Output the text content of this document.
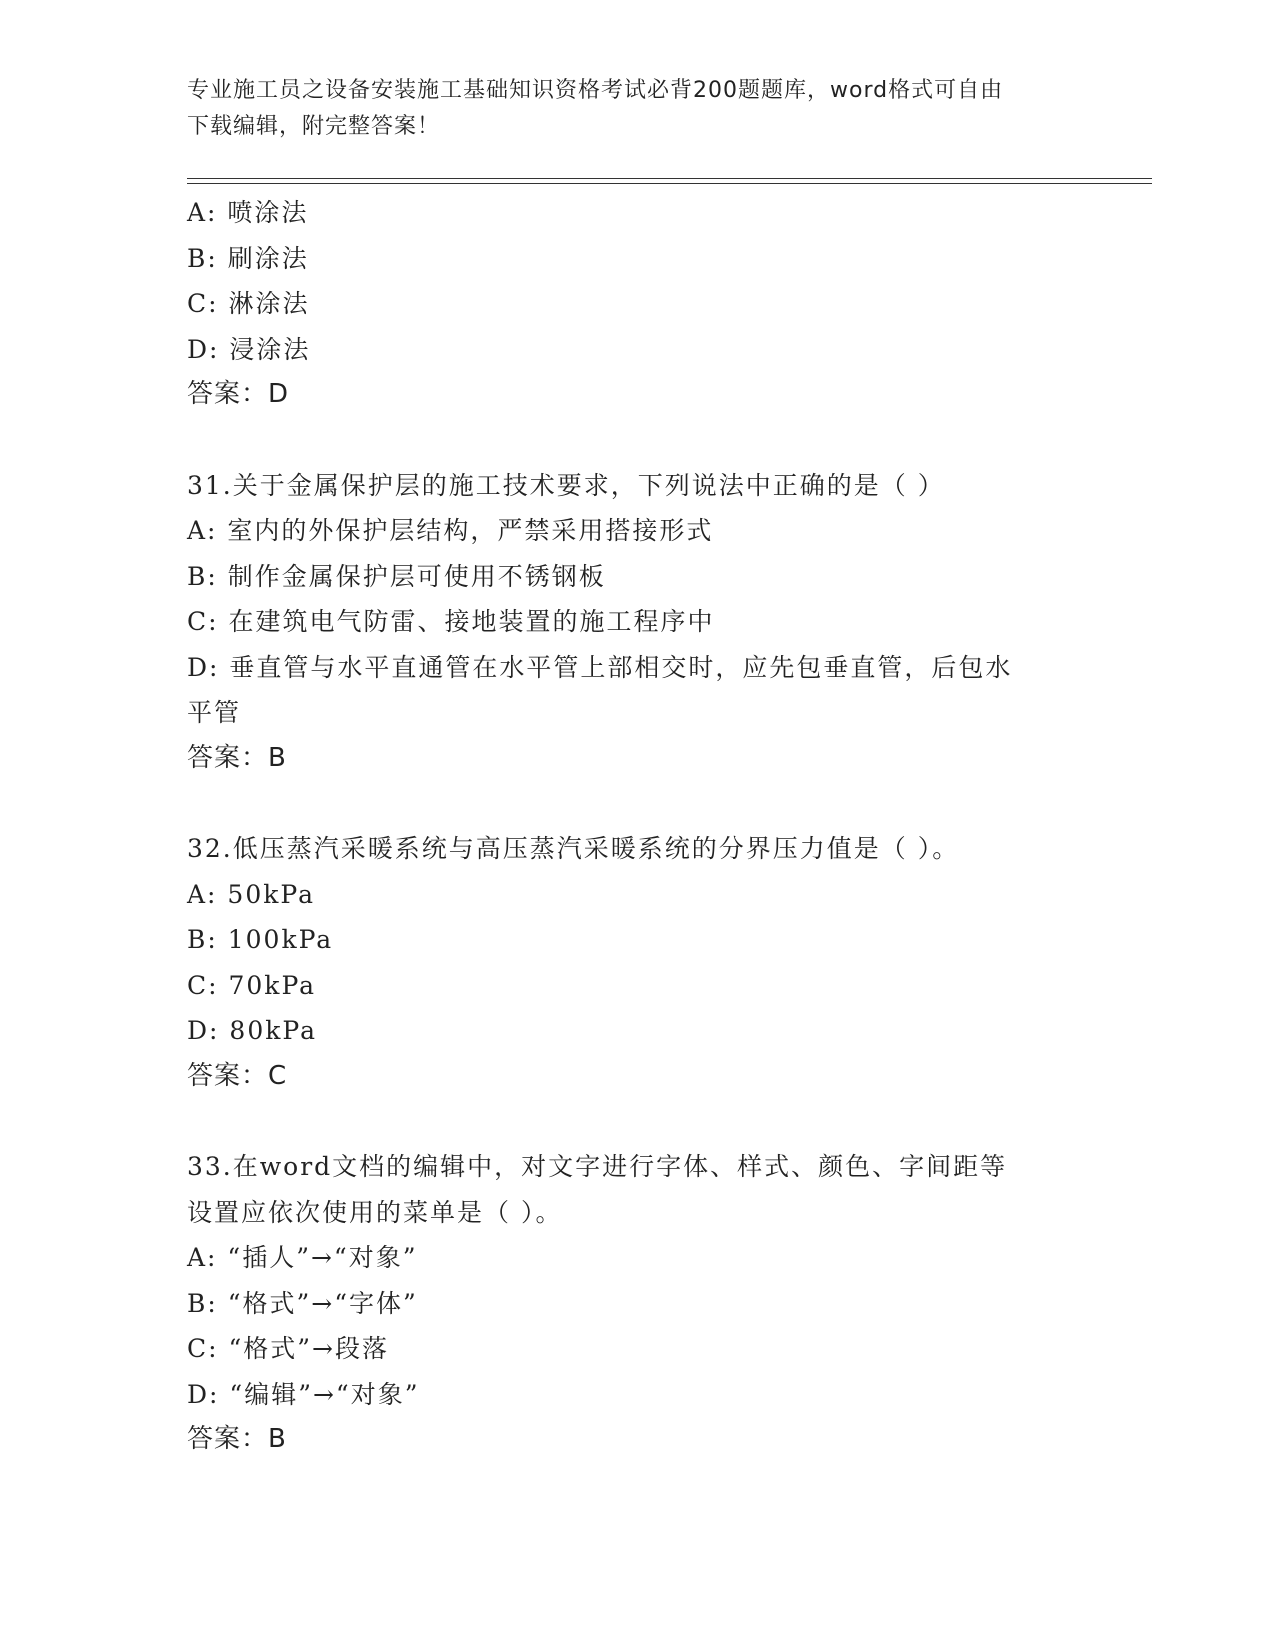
专业施工员之设备安装施工基础知识资格考试必背200题题库，word格式可自由
下载编辑，附完整答案！
A: 喷涂法
B: 刷涂法
C: 淋涂法
D: 浸涂法
答案：D
31.关于金属保护层的施工技术要求，下列说法中正确的是（ ）
A: 室内的外保护层结构，严禁采用搭接形式
B: 制作金属保护层可使用不锈钢板
C: 在建筑电气防雷、接地装置的施工程序中
D: 垂直管与水平直通管在水平管上部相交时，应先包垂直管，后包水
平管
答案：B
32.低压蒸汽采暖系统与高压蒸汽采暖系统的分界压力值是（ ）。
A: 50kPa
B: 100kPa
C: 70kPa
D: 80kPa
答案：C
33.在word文档的编辑中，对文字进行字体、样式、颜色、字间距等
设置应依次使用的菜单是（ ）。
A: “插人”→“对象”
B: “格式”→“字体”
C: “格式”→段落
D: “编辑”→“对象”
答案：B
